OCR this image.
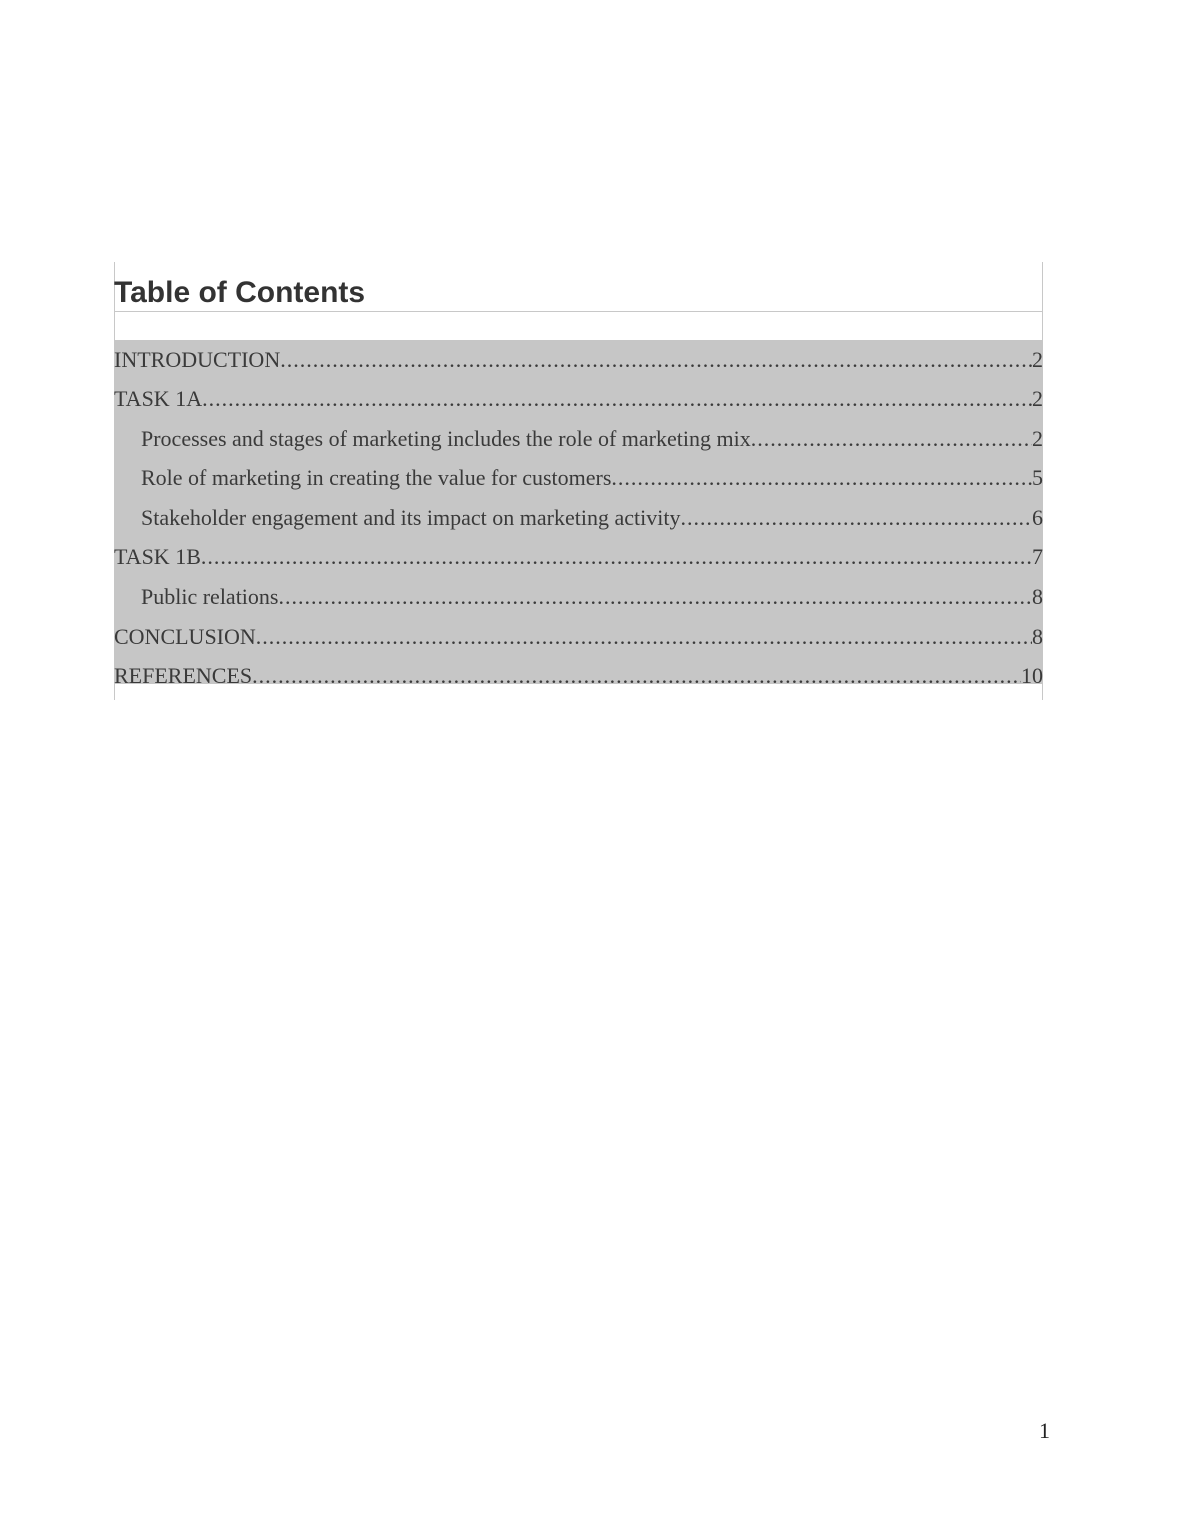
Table of Contents
INTRODUCTION .....	2
TASK 1A .....	2
Processes and stages of marketing includes the role of marketing mix .....	2
Role of marketing in creating the value for customers .....	5
Stakeholder engagement and its impact on marketing activity .....	6
TASK 1B .....	7
Public relations .....	8
CONCLUSION .....	8
REFERENCES .....	10
1
